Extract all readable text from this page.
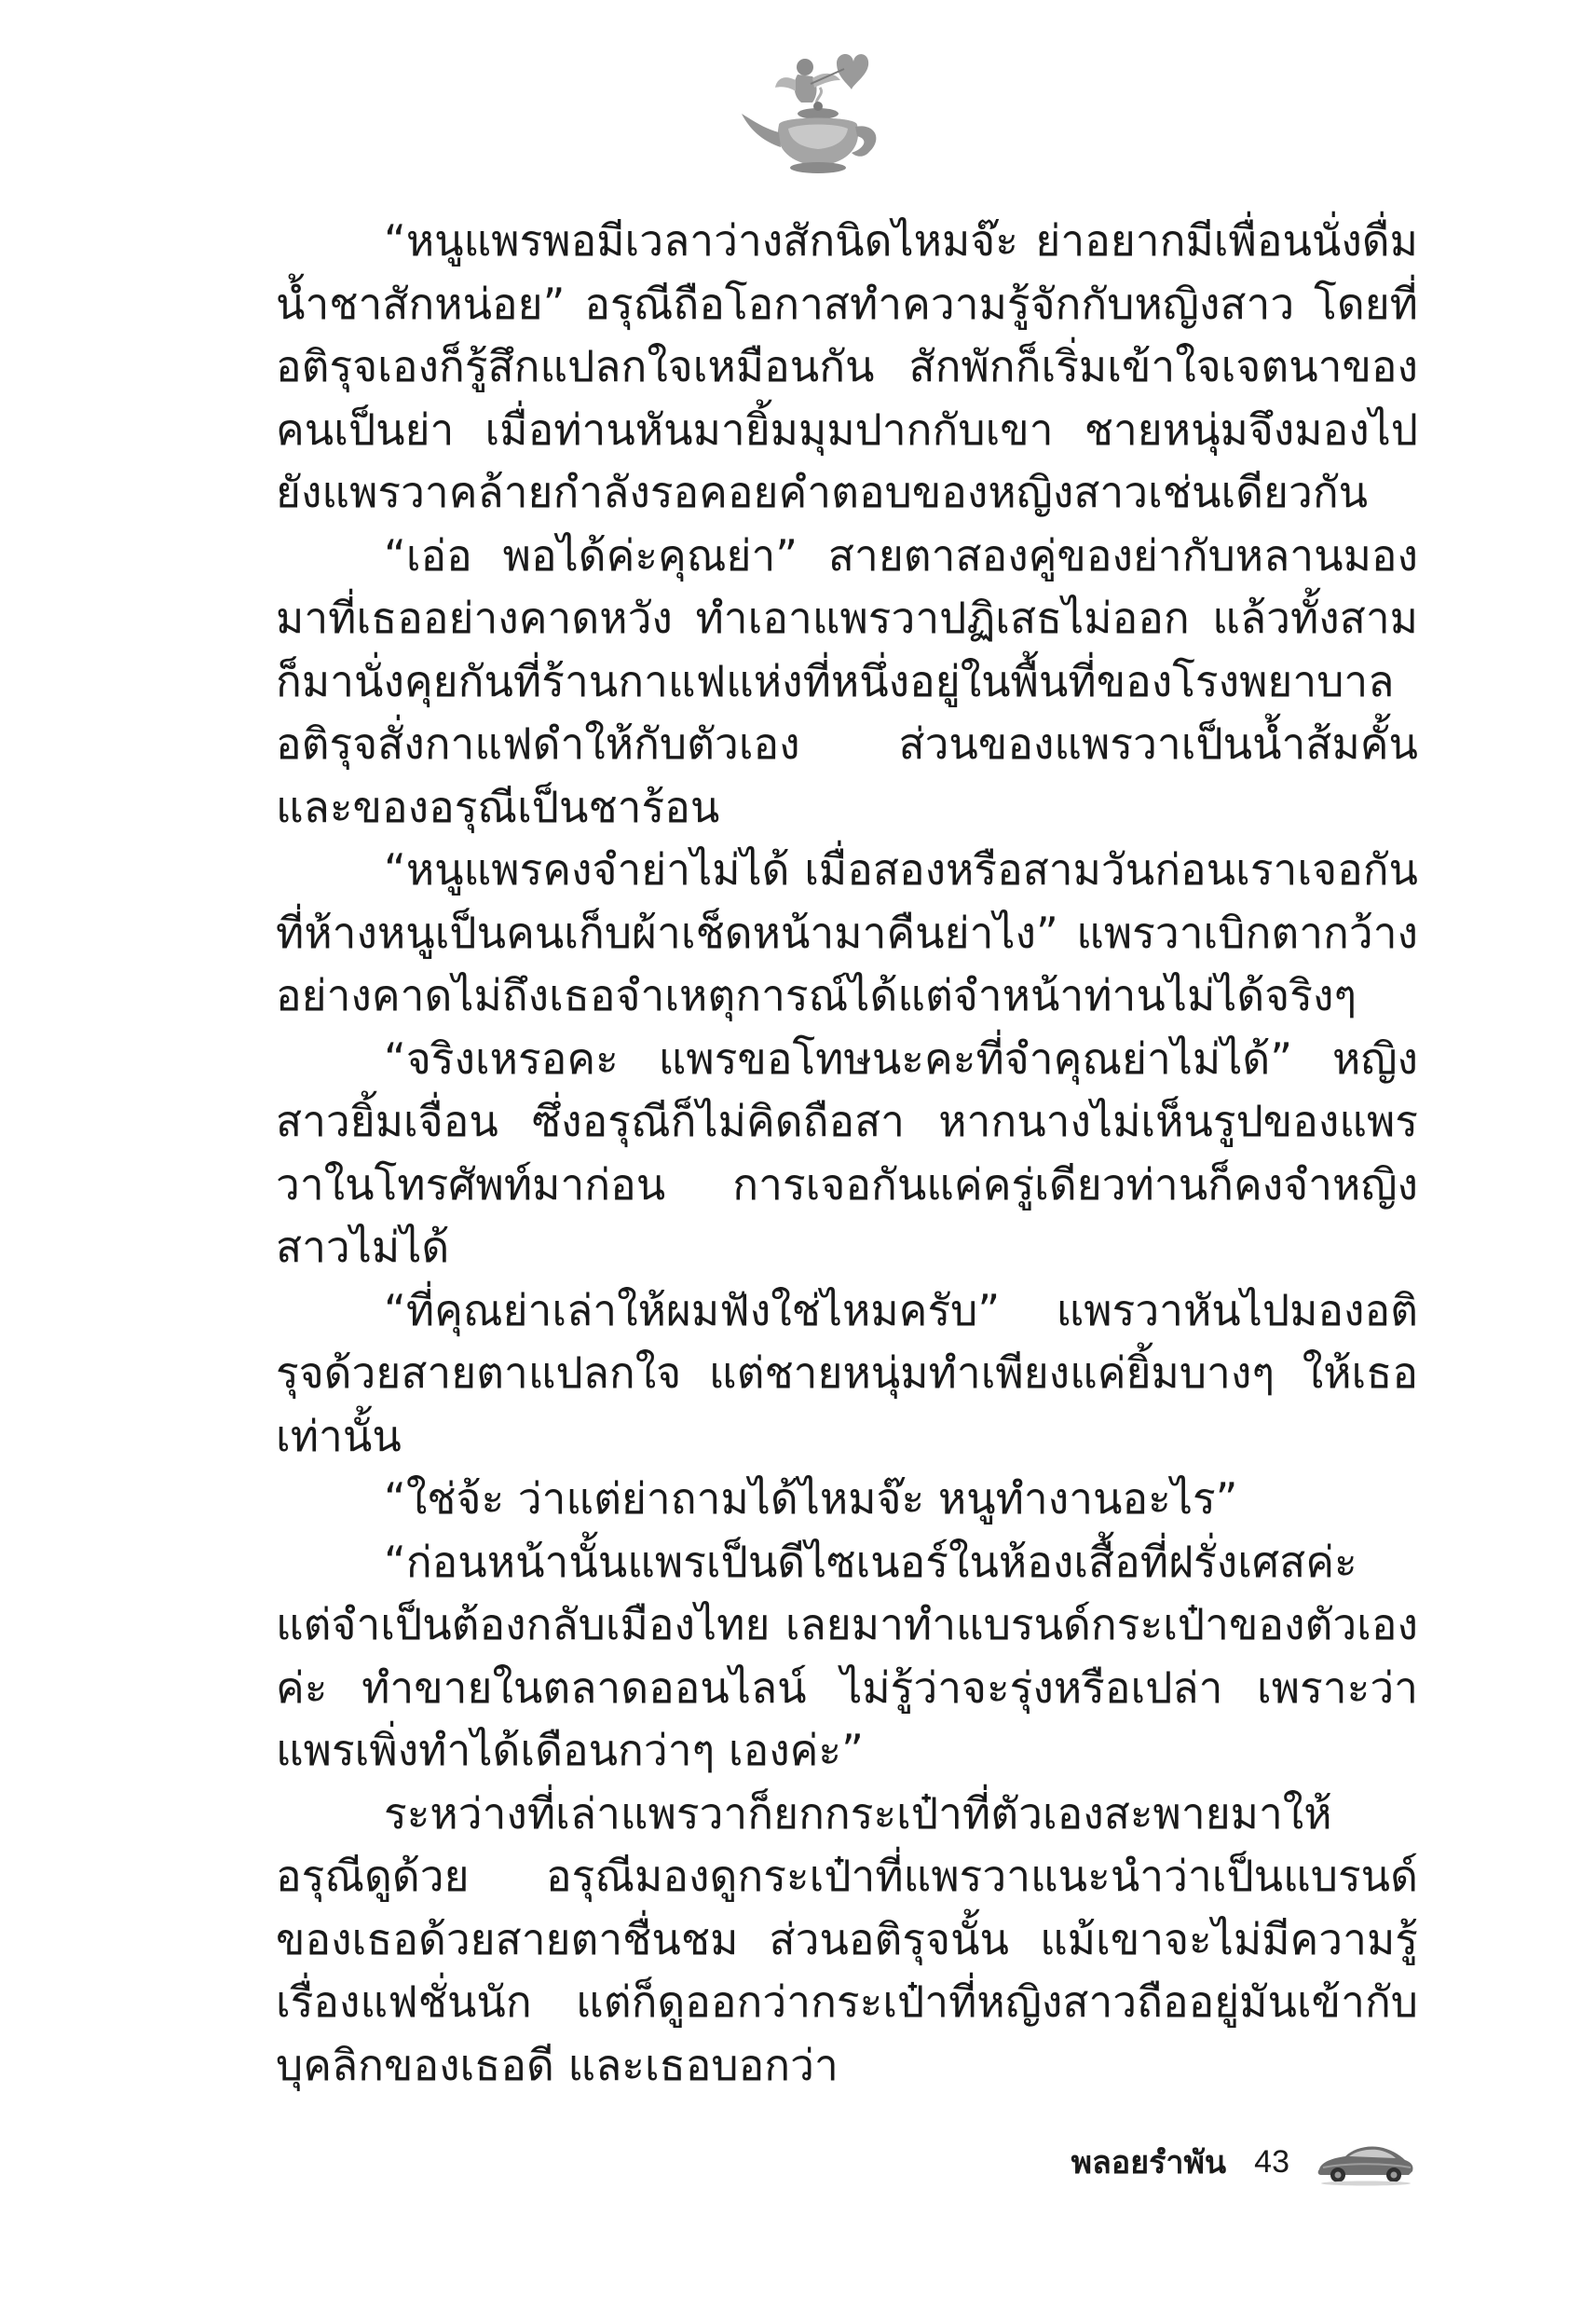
“หนูแพรพอมีเวลาว่างสักนิดไหมจ๊ะ ย่าอยากมีเพื่อนนั่งดื่มน้ำชาสักหน่อย” อรุณีถือโอกาสทำความรู้จักกับหญิงสาว โดยที่อติรุจเองก็รู้สึกแปลกใจเหมือนกัน สักพักก็เริ่มเข้าใจเจตนาของคนเป็นย่า เมื่อท่านหันมายิ้มมุมปากกับเขา ชายหนุ่มจึงมองไปยังแพรวาคล้ายกำลังรอคอยคำตอบของหญิงสาวเช่นเดียวกัน

“เอ่อ พอได้ค่ะคุณย่า” สายตาสองคู่ของย่ากับหลานมองมาที่เธออย่างคาดหวัง ทำเอาแพรวาปฏิเสธไม่ออก แล้วทั้งสามก็มานั่งคุยกันที่ร้านกาแฟแห่งที่หนึ่งอยู่ในพื้นที่ของโรงพยาบาล อติรุจสั่งกาแฟดำให้กับตัวเอง ส่วนของแพรวาเป็นน้ำส้มคั้น และของอรุณีเป็นชาร้อน

“หนูแพรคงจำย่าไม่ได้ เมื่อสองหรือสามวันก่อนเราเจอกันที่ห้างหนูเป็นคนเก็บผ้าเช็ดหน้ามาคืนย่าไง” แพรวาเบิกตากว้างอย่างคาดไม่ถึงเธอจำเหตุการณ์ได้แต่จำหน้าท่านไม่ได้จริงๆ

“จริงเหรอคะ แพรขอโทษนะคะที่จำคุณย่าไม่ได้” หญิงสาวยิ้มเจื่อน ซึ่งอรุณีก็ไม่คิดถือสา หากนางไม่เห็นรูปของแพรวาในโทรศัพท์มาก่อน การเจอกันแค่ครู่เดียวท่านก็คงจำหญิงสาวไม่ได้

“ที่คุณย่าเล่าให้ผมฟังใช่ไหมครับ” แพรวาหันไปมองอติรุจด้วยสายตาแปลกใจ แต่ชายหนุ่มทำเพียงแค่ยิ้มบางๆ ให้เธอเท่านั้น

“ใช่จ้ะ ว่าแต่ย่าถามได้ไหมจ๊ะ หนูทำงานอะไร”

“ก่อนหน้านั้นแพรเป็นดีไซเนอร์ในห้องเสื้อที่ฝรั่งเศสค่ะ แต่จำเป็นต้องกลับเมืองไทย เลยมาทำแบรนด์กระเป๋าของตัวเองค่ะ ทำขายในตลาดออนไลน์ ไม่รู้ว่าจะรุ่งหรือเปล่า เพราะว่าแพรเพิ่งทำได้เดือนกว่าๆ เองค่ะ”

ระหว่างที่เล่าแพรวาก็ยกกระเป๋าที่ตัวเองสะพายมาให้อรุณีดูด้วย อรุณีมองดูกระเป๋าที่แพรวาแนะนำว่าเป็นแบรนด์ของเธอด้วยสายตาชื่นชม ส่วนอติรุจนั้น แม้เขาจะไม่มีความรู้เรื่องแฟชั่นนัก แต่ก็ดูออกว่ากระเป๋าที่หญิงสาวถืออยู่มันเข้ากับบุคลิกของเธอดี และเธอบอกว่า

พลอยรำพัน 43
